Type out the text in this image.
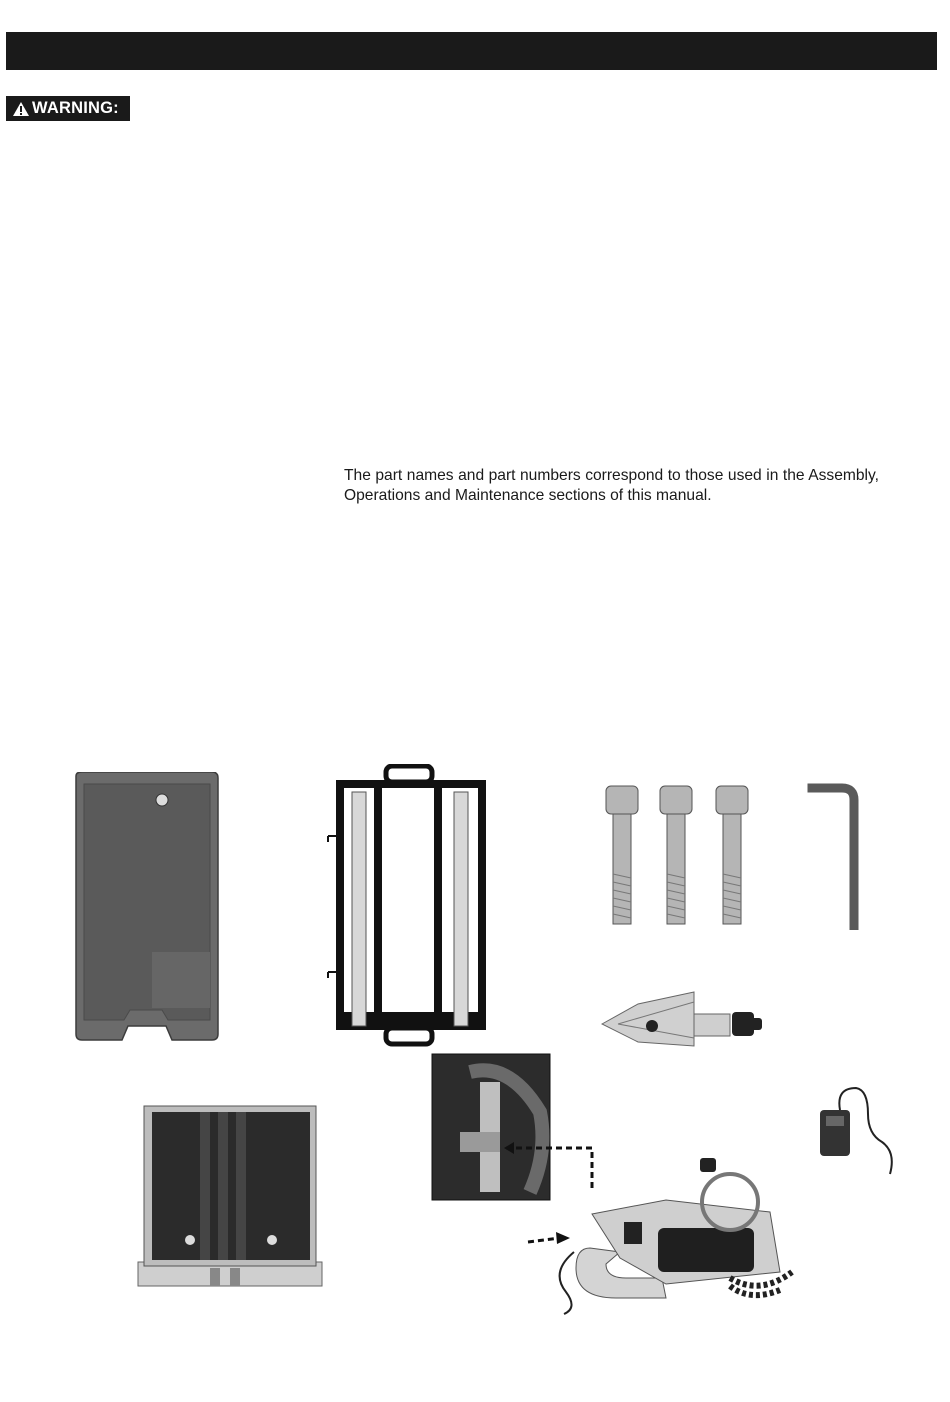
WARNING:

The part names and part numbers correspond to those used in the Assembly, Operations and Maintenance sections of this manual.
